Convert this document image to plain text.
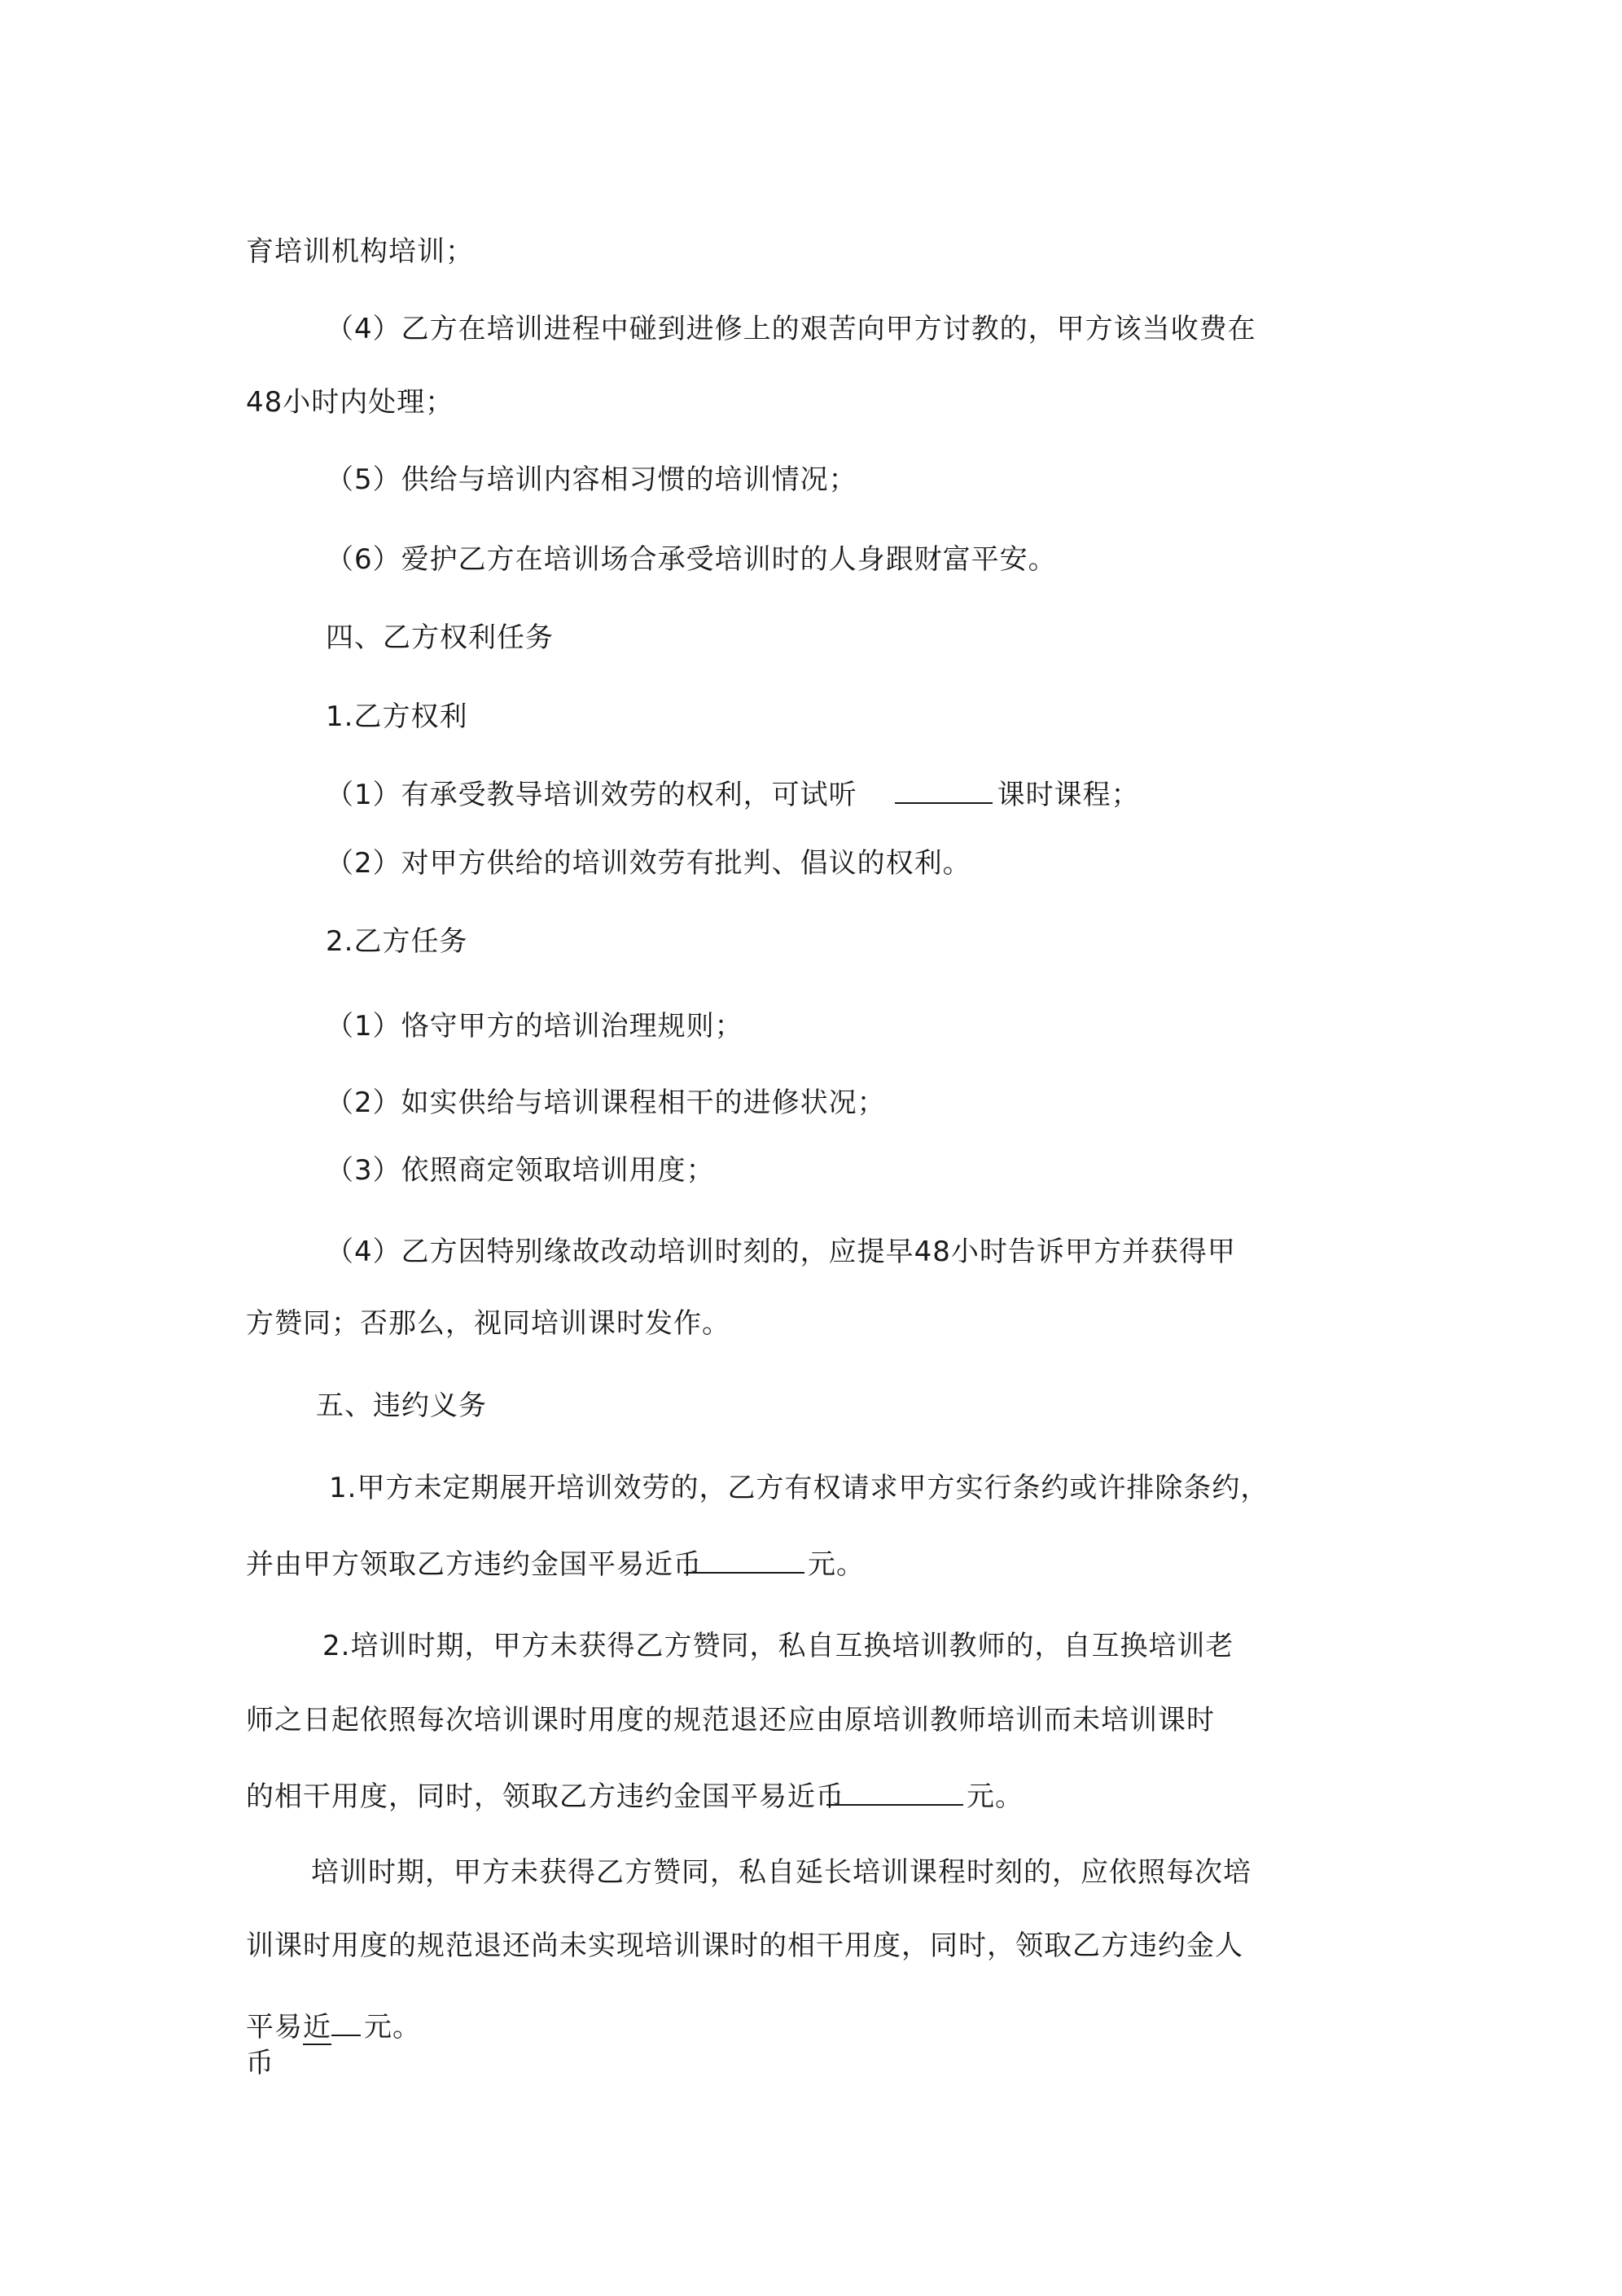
育培训机构培训；
（4）乙方在培训进程中碰到进修上的艰苦向甲方讨教的，甲方该当收费在
48小时内处理；
（5）供给与培训内容相习惯的培训情况；
（6）爱护乙方在培训场合承受培训时的人身跟财富平安。
四、乙方权利任务
1.乙方权利
（1）有承受教导培训效劳的权利，可试听	课时课程；
（2）对甲方供给的培训效劳有批判、倡议的权利。
2.乙方任务
（1）恪守甲方的培训治理规则；
（2）如实供给与培训课程相干的进修状况；
（3）依照商定领取培训用度；
（4）乙方因特别缘故改动培训时刻的，应提早48小时告诉甲方并获得甲
方赞同；否那么，视同培训课时发作。
五、违约义务
1.甲方未定期展开培训效劳的，乙方有权请求甲方实行条约或许排除条约，
并由甲方领取乙方违约金国平易近币	元。
2.培训时期，甲方未获得乙方赞同，私自互换培训教师的，自互换培训老
师之日起依照每次培训课时用度的规范退还应由原培训教师培训而未培训课时
的相干用度，同时，领取乙方违约金国平易近币	元。
培训时期，甲方未获得乙方赞同，私自延长培训课程时刻的，应依照每次培
训课时用度的规范退还尚未实现培训课时的相干用度，同时，领取乙方违约金人
平易近 元。
币
